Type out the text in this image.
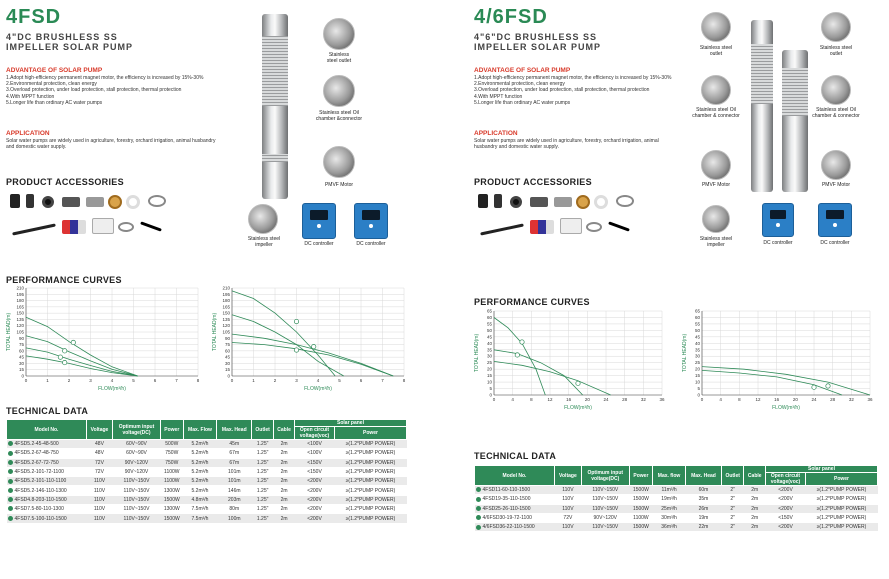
4FSD
4"DC BRUSHLESS SS
IMPELLER SOLAR PUMP
ADVANTAGE OF SOLAR PUMP
1.Adopt high-efficiency permanent magnet motor, the efficiency is increased by 15%-30%
2.Environmental protection, clean energy
3.Overload protection, under load protection, stall protection, thermal protection
4.With MPPT function
5.Longer life than ordinary AC water pumps
APPLICATION
Solar water pumps are widely used in agriculture, forestry, orchard irrigation, animal husbandry and domestic water supply.
Stainless steel outlet
Stainless steel Oil chamber &connector
PMVF Motor
Stainless steel impeller	DC controller	DC controller
PRODUCT ACCESSORIES
PERFORMANCE CURVES
0
15
30
45
60
75
90
105
120
135
150
165
180
195
210
0	1	2	3	4	5	6	7	8
FLOW(m³/h)
TOTAL HEAD(m)
0
15
30
45
60
75
90
105
120
135
150
165
180
195
210
0	1	2	3	4	5	6	7	8
FLOW(m³/h)
TOTAL HEAD(m)
TECHNICAL DATA
Model No.	Voltage	Optimum input voltage(DC)	Power	Max. Flow	Max. Head	Outlet	Cable	Solar panel	
								Open circuit voltage(voc)	Power
4FSD5.2-45-48-500	48V	60V~90V	500W	5.2m³/h	45m	1.25"	2m	<100V	≥(1.2*PUMP POWER)
4FSD5.2-67-48-750	48V	60V~90V	750W	5.2m³/h	67m	1.25"	2m	<100V	≥(1.2*PUMP POWER)
4FSD5.2-67-72-750	72V	90V~120V	750W	5.2m³/h	67m	1.25"	2m	<150V	≥(1.2*PUMP POWER)
4FSD5.2-101-72-1100	72V	90V~120V	1100W	5.2m³/h	101m	1.25"	2m	<150V	≥(1.2*PUMP POWER)
4FSD5.2-101-110-1100	110V	110V~150V	1100W	5.2m³/h	101m	1.25"	2m	<200V	≥(1.2*PUMP POWER)
4FSD5.2-146-110-1300	110V	110V~150V	1300W	5.2m³/h	146m	1.25"	2m	<200V	≥(1.2*PUMP POWER)
4FSD4.8-203-110-1500	110V	110V~150V	1500W	4.8m³/h	203m	1.25"	2m	<200V	≥(1.2*PUMP POWER)
4FSD7.5-80-110-1300	110V	110V~150V	1300W	7.5m³/h	80m	1.25"	2m	<200V	≥(1.2*PUMP POWER)
4FSD7.5-100-110-1500	110V	110V~150V	1500W	7.5m³/h	100m	1.25"	2m	<200V	≥(1.2*PUMP POWER)
4/6FSD
4"6"DC BRUSHLESS SS
IMPELLER SOLAR PUMP
ADVANTAGE OF SOLAR PUMP
1.Adopt high-efficiency permanent magnet motor, the efficiency is increased by 15%-30%
2.Environmental protection, clean energy
3.Overload protection, under load protection, stall protection, thermal protection
4.With MPPT function
5.Longer life than ordinary AC water pumps
APPLICATION
Solar water pumps are widely used in agriculture, forestry, orchard irrigation, animal husbandry and domestic water supply.
Stainless steel outlet
Stainless steel Oil chamber & connector
PMVF Motor
Stainless steel outlet
Stainless steel Oil chamber & connector
PMVF Motor
Stainless steel impeller	DC controller	DC controller
PRODUCT ACCESSORIES
PERFORMANCE CURVES
0
5
10
15
20
25
30
35
40
45
50
55
60
65
0	4	8	12	16	20	24	28	32	36
FLOW(m³/h)
TOTAL HEAD(m)
0
5
10
15
20
25
30
35
40
45
50
55
60
65
0	4	8	12	16	20	24	28	32	36
FLOW(m³/h)
TOTAL HEAD(m)
TECHNICAL DATA
Model No.	Voltage	Optimum input voltage(DC)	Power	Max. flow	Max. Head	Outlet	Cable	Solar panel	
								Open circuit voltage(voc)	Power
4FSD11-60-110-1500	110V	110V~150V	1500W	11m³/h	60m	2"	2m	<200V	≥(1.2*PUMP POWER)
4FSD19-35-110-1500	110V	110V~150V	1500W	19m³/h	35m	2"	2m	<200V	≥(1.2*PUMP POWER)
4FSD25-26-110-1500	110V	110V~150V	1500W	25m³/h	26m	2"	2m	<200V	≥(1.2*PUMP POWER)
4/6FSD30-19-72-1100	72V	90V~120V	1100W	30m³/h	19m	2"	2m	<150V	≥(1.2*PUMP POWER)
4/6FSD36-22-110-1500	110V	110V~150V	1500W	36m³/h	22m	2"	2m	<200V	≥(1.2*PUMP POWER)
